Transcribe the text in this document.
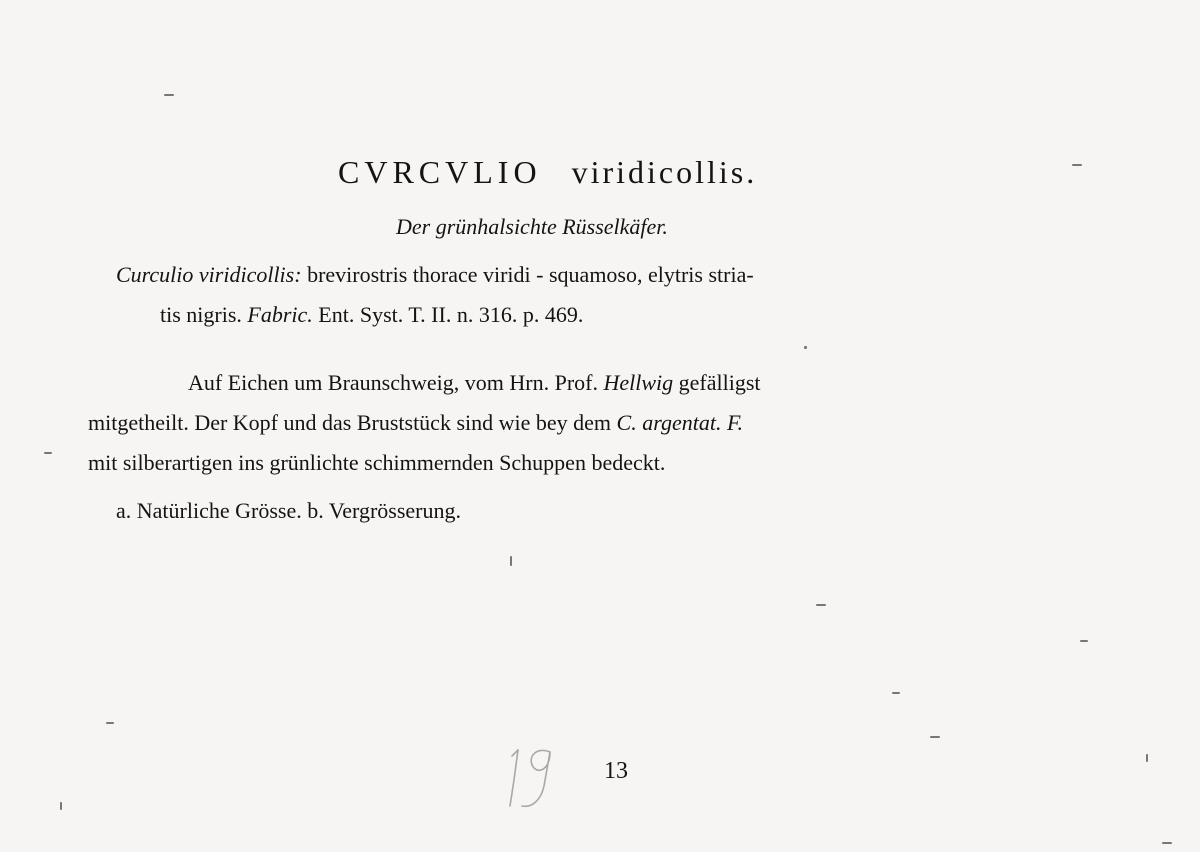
CVRCVLIO viridicollis.
Der grünhalsichte Rüsselkäfer.
Curculio viridicollis: brevirostris thorace viridi - squamoso, elytris stria-
tis nigris. Fabric. Ent. Syst. T. II. n. 316. p. 469.
Auf Eichen um Braunschweig, vom Hrn. Prof. Hellwig gefälligst
mitgetheilt. Der Kopf und das Bruststück sind wie bey dem C. argentat. F.
mit silberartigen ins grünlichte schimmernden Schuppen bedeckt.
a. Natürliche Grösse. b. Vergrösserung.
13
